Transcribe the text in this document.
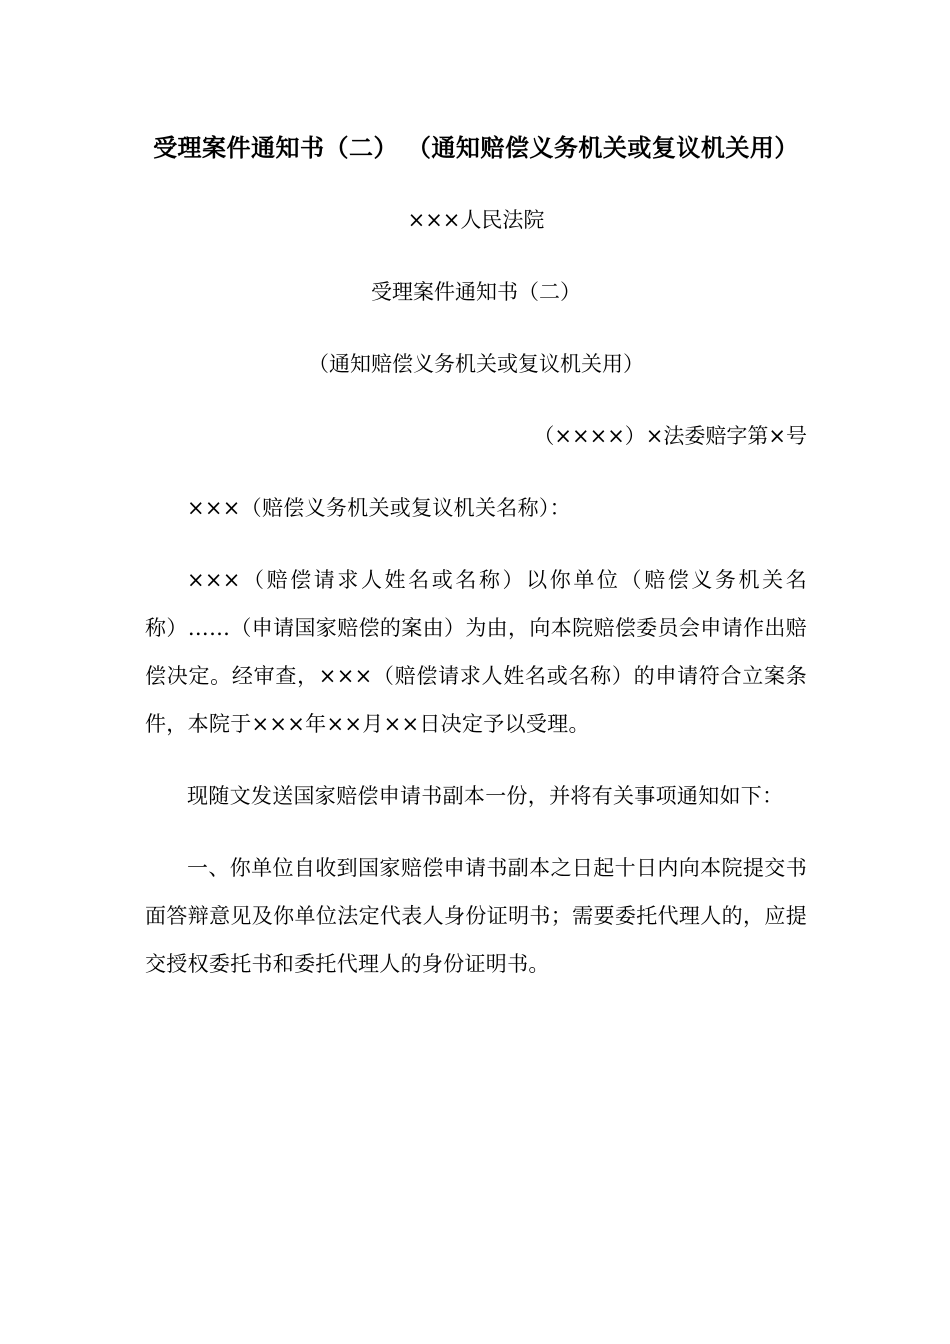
受理案件通知书（二） （通知赔偿义务机关或复议机关用）

×××人民法院

受理案件通知书（二）

（通知赔偿义务机关或复议机关用）

（××××）×法委赔字第×号

×××（赔偿义务机关或复议机关名称）：

×××（赔偿请求人姓名或名称）以你单位（赔偿义务机关名称）……（申请国家赔偿的案由）为由，向本院赔偿委员会申请作出赔偿决定。经审查，×××（赔偿请求人姓名或名称）的申请符合立案条件，本院于×××年××月××日决定予以受理。

现随文发送国家赔偿申请书副本一份，并将有关事项通知如下：

一、你单位自收到国家赔偿申请书副本之日起十日内向本院提交书面答辩意见及你单位法定代表人身份证明书；需要委托代理人的，应提交授权委托书和委托代理人的身份证明书。
